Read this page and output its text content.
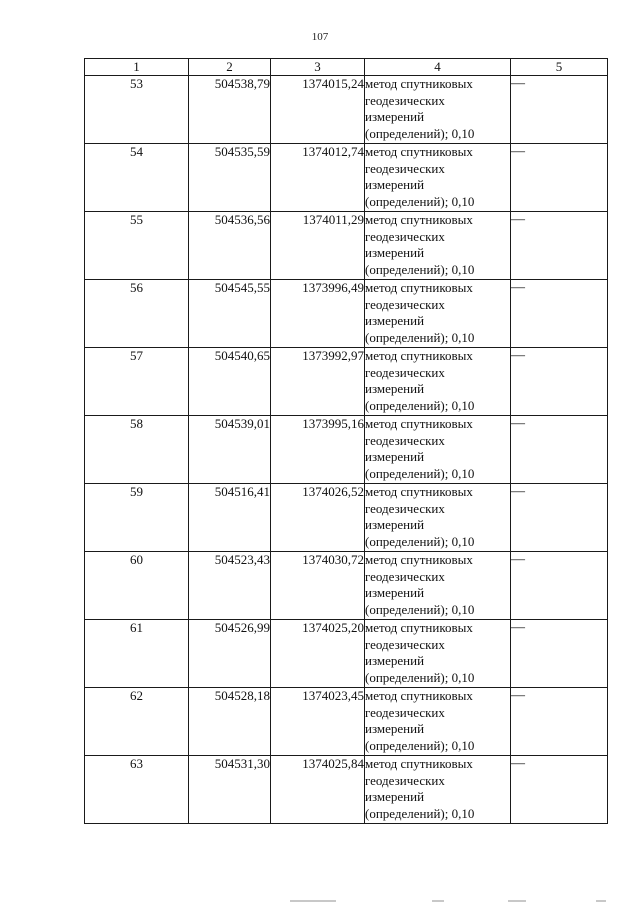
107
1	2	3	4	5
53	504538,79	1374015,24	метод спутниковых
геодезических
измерений
(определений); 0,10	—
54	504535,59	1374012,74	метод спутниковых
геодезических
измерений
(определений); 0,10	—
55	504536,56	1374011,29	метод спутниковых
геодезических
измерений
(определений); 0,10	—
56	504545,55	1373996,49	метод спутниковых
геодезических
измерений
(определений); 0,10	—
57	504540,65	1373992,97	метод спутниковых
геодезических
измерений
(определений); 0,10	—
58	504539,01	1373995,16	метод спутниковых
геодезических
измерений
(определений); 0,10	—
59	504516,41	1374026,52	метод спутниковых
геодезических
измерений
(определений); 0,10	—
60	504523,43	1374030,72	метод спутниковых
геодезических
измерений
(определений); 0,10	—
61	504526,99	1374025,20	метод спутниковых
геодезических
измерений
(определений); 0,10	—
62	504528,18	1374023,45	метод спутниковых
геодезических
измерений
(определений); 0,10	—
63	504531,30	1374025,84	метод спутниковых
геодезических
измерений
(определений); 0,10	—
